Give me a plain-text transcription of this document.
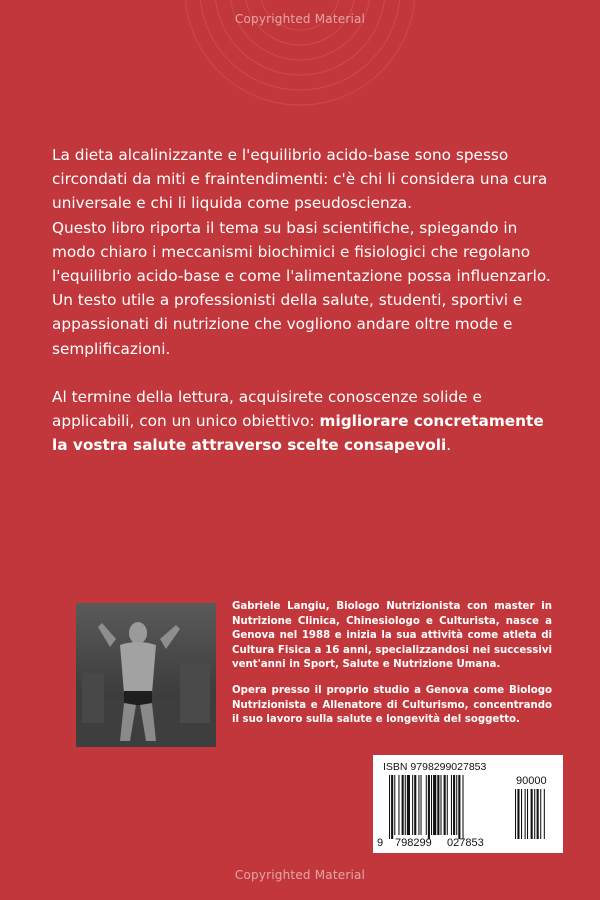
Copyrighted Material

La dieta alcalinizzante e l'equilibrio acido-base sono spesso circondati da miti e fraintendimenti: c'è chi li considera una cura universale e chi li liquida come pseudoscienza.

Questo libro riporta il tema su basi scientifiche, spiegando in modo chiaro i meccanismi biochimici e fisiologici che regolano l'equilibrio acido-base e come l'alimentazione possa influenzarlo.

Un testo utile a professionisti della salute, studenti, sportivi e appassionati di nutrizione che vogliono andare oltre mode e semplificazioni.

Al termine della lettura, acquisirete conoscenze solide e applicabili, con un unico obiettivo: migliorare concretamente la vostra salute attraverso scelte consapevoli.

Gabriele Langiu, Biologo Nutrizionista con master in Nutrizione Clinica, Chinesiologo e Culturista, nasce a Genova nel 1988 e inizia la sua attività come atleta di Cultura Fisica a 16 anni, specializzandosi nei successivi vent'anni in Sport, Salute e Nutrizione Umana.

Opera presso il proprio studio a Genova come Biologo Nutrizionista e Allenatore di Culturismo, concentrando il suo lavoro sulla salute e longevità del soggetto.

ISBN 9798299027853
90000
9 798299 027853
Copyrighted Material
